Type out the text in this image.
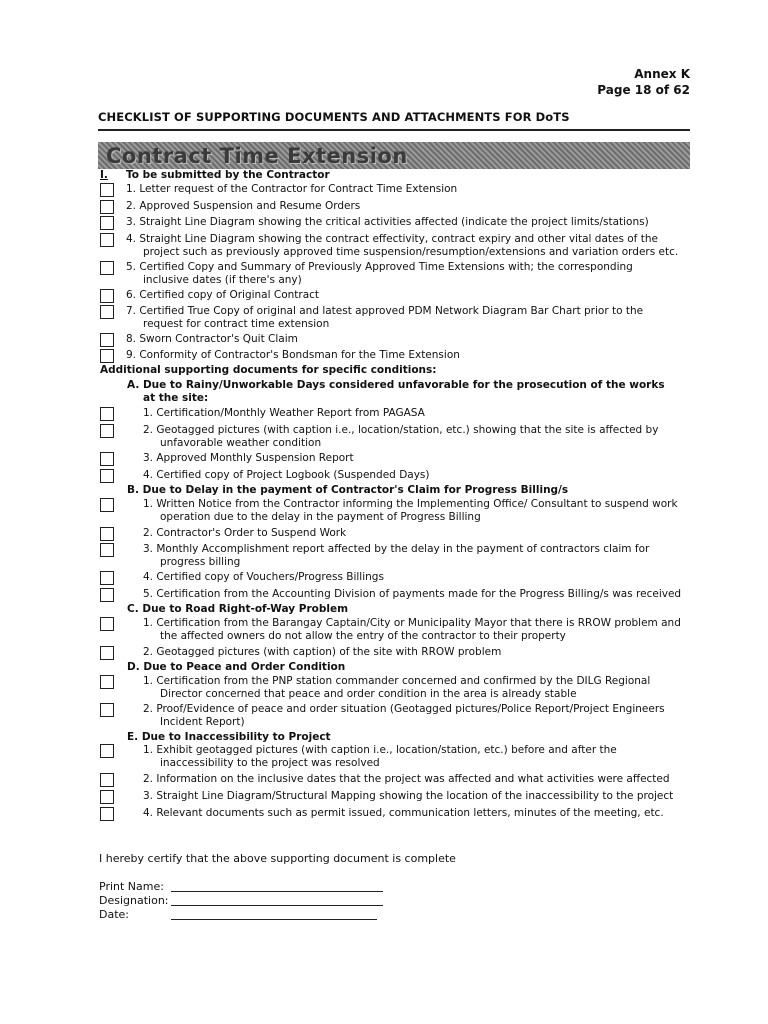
Annex K
Page 18 of 62
CHECKLIST OF SUPPORTING DOCUMENTS AND ATTACHMENTS FOR DoTS
Contract Time Extension
I. To be submitted by the Contractor
1. Letter request of the Contractor for Contract Time Extension
2. Approved Suspension and Resume Orders
3. Straight Line Diagram showing the critical activities affected (indicate the project limits/stations)
4. Straight Line Diagram showing the contract effectivity, contract expiry and other vital dates of the
project such as previously approved time suspension/resumption/extensions and variation orders etc.
5. Certified Copy and Summary of Previously Approved Time Extensions with; the corresponding
inclusive dates (if there's any)
6. Certified copy of Original Contract
7. Certified True Copy of original and latest approved PDM Network Diagram Bar Chart prior to the
request for contract time extension
8. Sworn Contractor's Quit Claim
9. Conformity of Contractor's Bondsman for the Time Extension
Additional supporting documents for specific conditions:
A. Due to Rainy/Unworkable Days considered unfavorable for the prosecution of the works
at the site:
1. Certification/Monthly Weather Report from PAGASA
2. Geotagged pictures (with caption i.e., location/station, etc.) showing that the site is affected by
unfavorable weather condition
3. Approved Monthly Suspension Report
4. Certified copy of Project Logbook (Suspended Days)
B. Due to Delay in the payment of Contractor's Claim for Progress Billing/s
1. Written Notice from the Contractor informing the Implementing Office/ Consultant to suspend work
operation due to the delay in the payment of Progress Billing
2. Contractor's Order to Suspend Work
3. Monthly Accomplishment report affected by the delay in the payment of contractors claim for
progress billing
4. Certified copy of Vouchers/Progress Billings
5. Certification from the Accounting Division of payments made for the Progress Billing/s was received
C. Due to Road Right-of-Way Problem
1. Certification from the Barangay Captain/City or Municipality Mayor that there is RROW problem and
the affected owners do not allow the entry of the contractor to their property
2. Geotagged pictures (with caption) of the site with RROW problem
D. Due to Peace and Order Condition
1. Certification from the PNP station commander concerned and confirmed by the DILG Regional
Director concerned that peace and order condition in the area is already stable
2. Proof/Evidence of peace and order situation (Geotagged pictures/Police Report/Project Engineers
Incident Report)
E. Due to Inaccessibility to Project
1. Exhibit geotagged pictures (with caption i.e., location/station, etc.) before and after the
inaccessibility to the project was resolved
2. Information on the inclusive dates that the project was affected and what activities were affected
3. Straight Line Diagram/Structural Mapping showing the location of the inaccessibility to the project
4. Relevant documents such as permit issued, communication letters, minutes of the meeting, etc.
I hereby certify that the above supporting document is complete
Print Name:
Designation:
Date:
